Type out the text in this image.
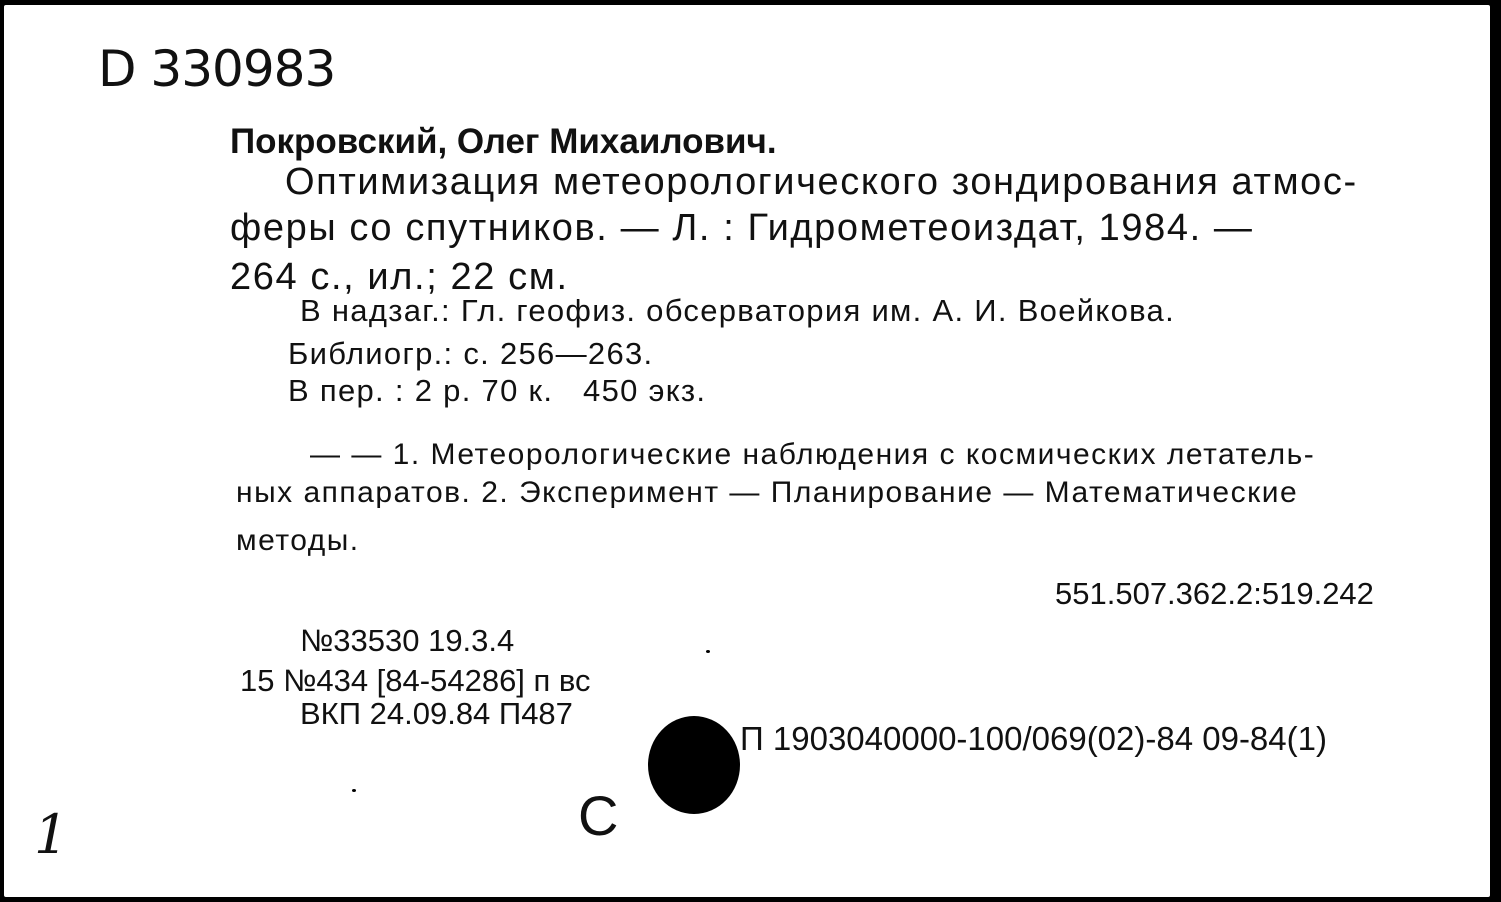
D 330983
Покровский, Олег Михаилович.
Оптимизация метеорологического зондирования атмос-
феры со спутников. — Л. : Гидрометеоиздат, 1984. —
264 с., ил.; 22 см.
В надзаг.: Гл. геофиз. обсерватория им. А. И. Воейкова.
Библиогр.: с. 256—263.
В пер. : 2 р. 70 к.   450 экз.
— — 1. Метеорологические наблюдения с космических летатель-
ных аппаратов. 2. Эксперимент — Планирование — Математические
методы.
551.507.362.2:519.242
№33530 19.3.4
15 №434 [84-54286] п вс
ВКП 24.09.84 П487
П 1903040000-100/069(02)-84 09-84(1)
С
1
